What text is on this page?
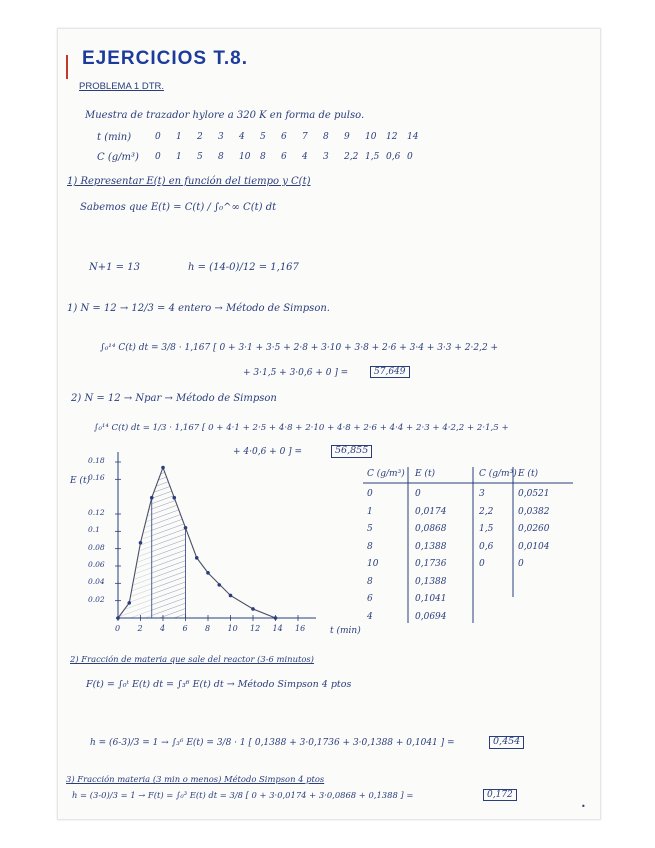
EJERCICIOS T.8.
PROBLEMA 1 DTR.
Muestra de trazador hylore a 320 K en forma de pulso.
t (min)	0 1 2 3 4 5 6 7 8 9 10 12 14
C (g/m³) 0 1 5 8 10 8 6 4 3 2,2 1,5 0,6 0
1) Representar E(t) en función del tiempo y C(t)
Sabemos que E(t) = C(t) / ∫₀^∞ C(t) dt
N+1 = 13	h = (14-0)/12 = 1,167
1) N = 12 → 12/3 = 4 entero → Método de Simpson.
∫₀¹⁴ C(t) dt = 3/8 · 1,167 [ 0 + 3·1 + 3·5 + 2·8 + 3·10 + 3·8 + 2·6 + 3·4 + 3·3 + 2·2,2 +
+ 3·1,5 + 3·0,6 + 0 ] =	57,649
2) N = 12 → Npar → Método de Simpson
∫₀¹⁴ C(t) dt = 1/3 · 1,167 [ 0 + 4·1 + 2·5 + 4·8 + 2·10 + 4·8 + 2·6 + 4·4 + 2·3 + 4·2,2 + 2·1,5 +
+ 4·0,6 + 0 ] =	56,855
E (t)
t (min)
0.18
0.16
0.12
0.1
0.08
0.06
0.04
0.02
0 2 4 6 8 10 12 14 16
C (g/m³) E (t)	C (g/m³) E (t)
0	0	3	0,0521
1	0,0174	2,2	0,0382
5	0,0868	1,5	0,0260
8	0,1388	0,6	0,0104
10	0,1736	0	0
8	0,1388
6	0,1041
4	0,0694
2) Fracción de materia que sale del reactor (3-6 minutos)
F(t) = ∫₀ᵗ E(t) dt = ∫₃⁶ E(t) dt → Método Simpson 4 ptos
h = (6-3)/3 = 1 → ∫₃⁶ E(t) = 3/8 · 1 [ 0,1388 + 3·0,1736 + 3·0,1388 + 0,1041 ] =	0,454
3) Fracción materia (3 min o menos) Método Simpson 4 ptos
h = (3-0)/3 = 1 → F(t) = ∫₀³ E(t) dt = 3/8 [ 0 + 3·0,0174 + 3·0,0868 + 0,1388 ] =	0,172
•
